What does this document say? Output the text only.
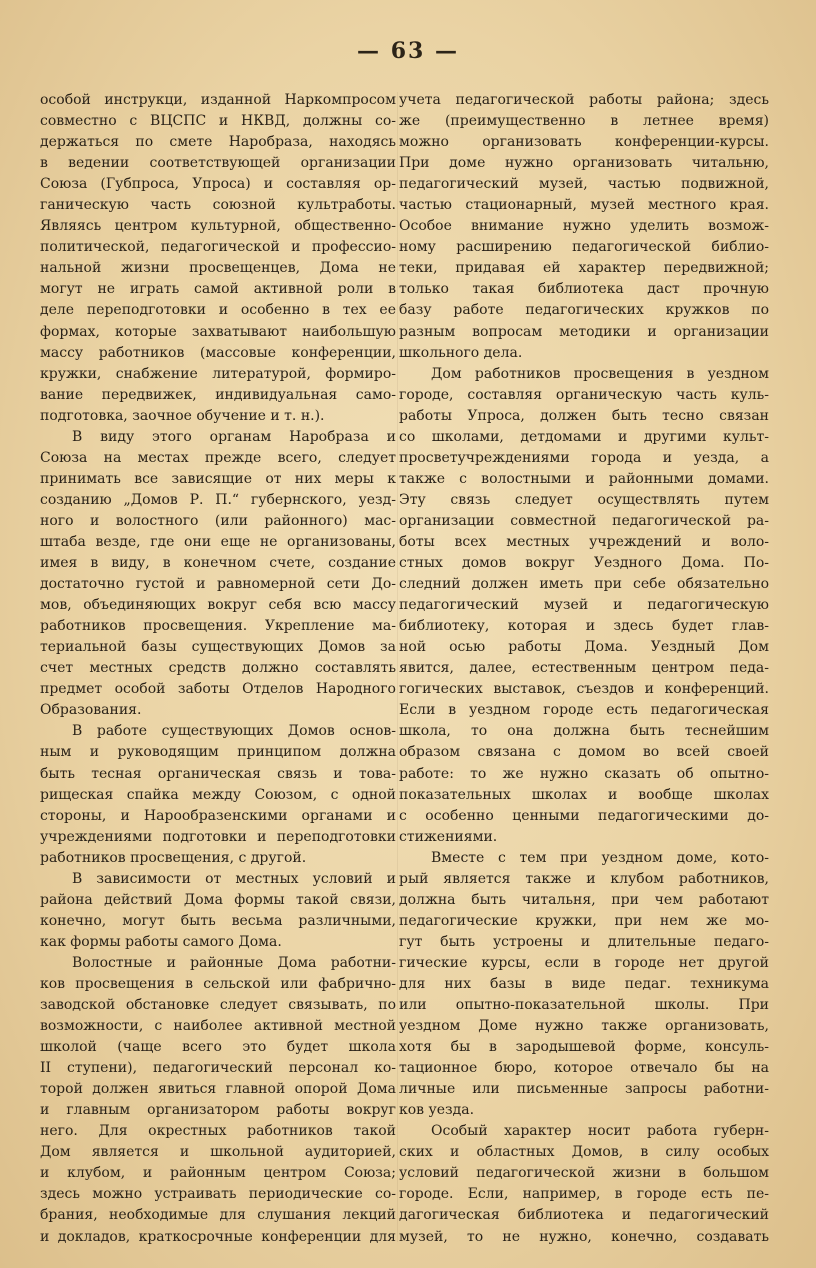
— 63 —
особой инструкци, изданной Наркомпросом
совместно с ВЦСПС и НКВД, должны со-
держаться по смете Наробраза, находясь
в ведении соответствующей организации
Союза (Губпроса, Упроса) и составляя ор-
ганическую часть союзной культработы.
Являясь центром культурной, общественно-
политической, педагогической и профессио-
нальной жизни просвещенцев, Дома не
могут не играть самой активной роли в
деле переподготовки и особенно в тех ее
формах, которые захватывают наибольшую
массу работников (массовые конференции,
кружки, снабжение литературой, формиро-
вание передвижек, индивидуальная само-
подготовка, заочное обучение и т. н.).
В виду этого органам Наробраза и
Союза на местах прежде всего, следует
принимать все зависящие от них меры к
созданию „Домов Р. П.“ губернского, уезд-
ного и волостного (или районного) мас-
штаба везде, где они еще не организованы,
имея в виду, в конечном счете, создание
достаточно густой и равномерной сети До-
мов, объединяющих вокруг себя всю массу
работников просвещения. Укрепление ма-
териальной базы существующих Домов за
счет местных средств должно составлять
предмет особой заботы Отделов Народного
Образования.
В работе существующих Домов основ-
ным и руководящим принципом должна
быть тесная органическая связь и това-
рищеская спайка между Союзом, с одной
стороны, и Нарообразенскими органами и
учреждениями подготовки и переподготовки
работников просвещения, с другой.
В зависимости от местных условий и
района действий Дома формы такой связи,
конечно, могут быть весьма различными,
как формы работы самого Дома.
Волостные и районные Дома работни-
ков просвещения в сельской или фабрично-
заводской обстановке следует связывать, по
возможности, с наиболее активной местной
школой (чаще всего это будет школа
II ступени), педагогический персонал ко-
торой должен явиться главной опорой Дома
и главным организатором работы вокруг
него. Для окрестных работников такой
Дом является и школьной аудиторией,
и клубом, и районным центром Союза;
здесь можно устраивать периодические со-
брания, необходимые для слушания лекций
и докладов, краткосрочные конференции для
учета педагогической работы района; здесь
же (преимущественно в летнее время)
можно организовать конференции-курсы.
При доме нужно организовать читальню,
педагогический музей, частью подвижной,
частью стационарный, музей местного края.
Особое внимание нужно уделить возмож-
ному расширению педагогической библио-
теки, придавая ей характер передвижной;
только такая библиотека даст прочную
базу работе педагогических кружков по
разным вопросам методики и организации
школьного дела.
Дом работников просвещения в уездном
городе, составляя органическую часть куль-
работы Упроса, должен быть тесно связан
со школами, детдомами и другими культ-
просветучреждениями города и уезда, а
также с волостными и районными домами.
Эту связь следует осуществлять путем
организации совместной педагогической ра-
боты всех местных учреждений и воло-
стных домов вокруг Уездного Дома. По-
следний должен иметь при себе обязательно
педагогический музей и педагогическую
библиотеку, которая и здесь будет глав-
ной осью работы Дома. Уездный Дом
явится, далее, естественным центром педа-
гогических выставок, съездов и конференций.
Если в уездном городе есть педагогическая
школа, то она должна быть теснейшим
образом связана с домом во всей своей
работе: то же нужно сказать об опытно-
показательных школах и вообще школах
с особенно ценными педагогическими до-
стижениями.
Вместе с тем при уездном доме, кото-
рый является также и клубом работников,
должна быть читальня, при чем работают
педагогические кружки, при нем же мо-
гут быть устроены и длительные педаго-
гические курсы, если в городе нет другой
для них базы в виде педаг. техникума
или опытно-показательной школы. При
уездном Доме нужно также организовать,
хотя бы в зародышевой форме, консуль-
тационное бюро, которое отвечало бы на
личные или письменные запросы работни-
ков уезда.
Особый характер носит работа губерн-
ских и областных Домов, в силу особых
условий педагогической жизни в большом
городе. Если, например, в городе есть пе-
дагогическая библиотека и педагогический
музей, то не нужно, конечно, создавать
